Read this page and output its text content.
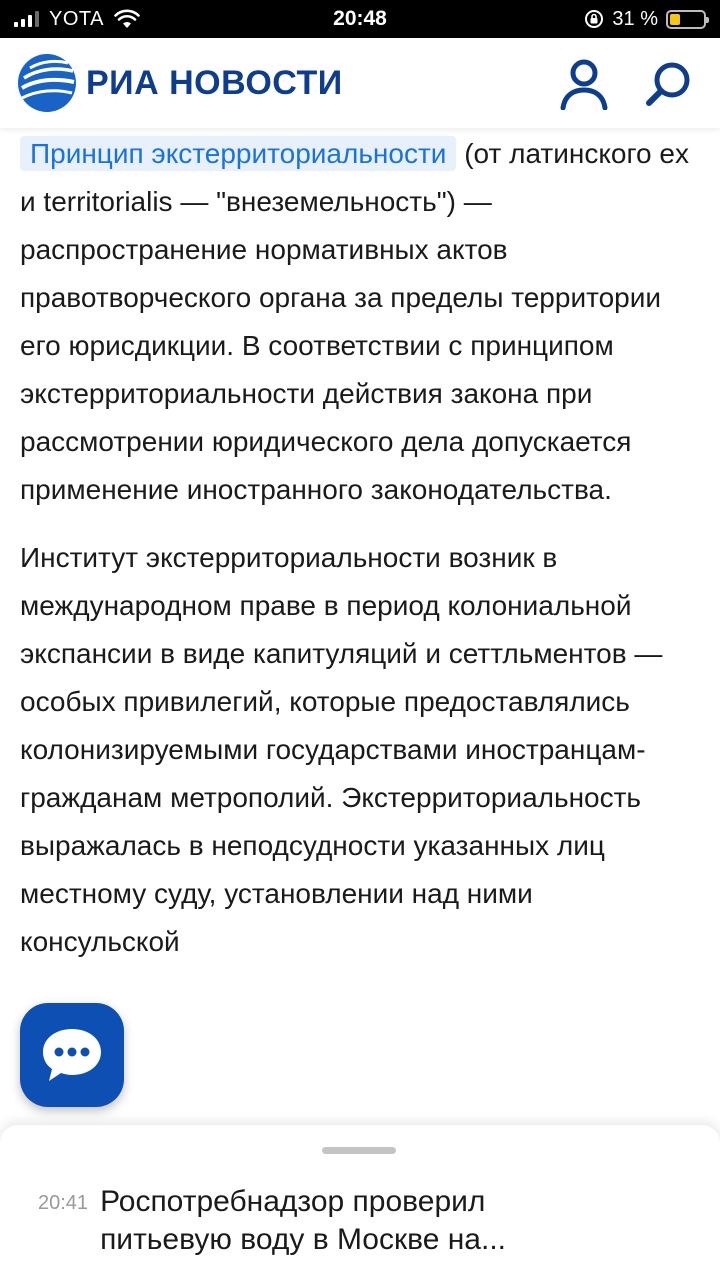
YOTA	20:48	31 %
РИА НОВОСТИ

Принцип экстерриториальности (от латинского ex и territorialis — "внеземельность") — распространение нормативных актов правотворческого органа за пределы территории его юрисдикции. В соответствии с принципом экстерриториальности действия закона при рассмотрении юридического дела допускается применение иностранного законодательства.

Институт экстерриториальности возник в международном праве в период колониальной экспансии в виде капитуляций и сеттльментов — особых привилегий, которые предоставлялись колонизируемыми государствами иностранцам-гражданам метрополий. Экстерриториальность выражалась в неподсудности указанных лиц местному суду, установлении над ними консульской

20:41 Роспотребнадзор проверил питьевую воду в Москве на...
